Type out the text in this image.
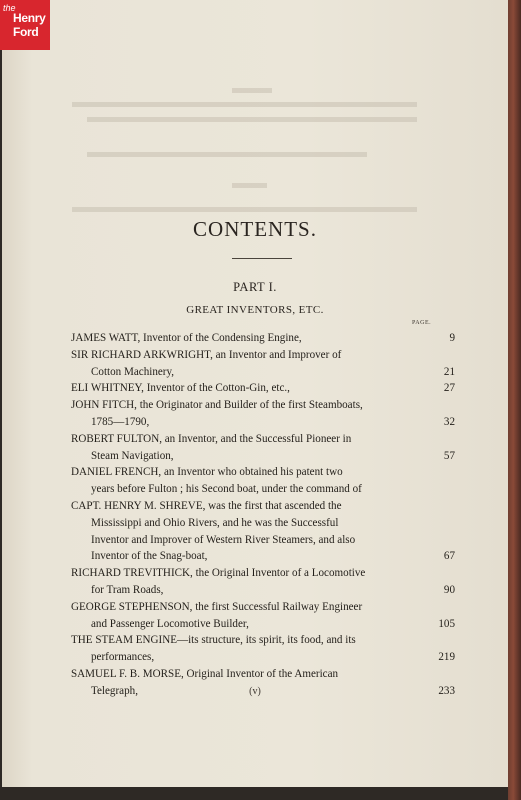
CONTENTS.
PART I.
GREAT INVENTORS, ETC.
PAGE.
JAMES WATT, Inventor of the Condensing Engine,	9
SIR RICHARD ARKWRIGHT, an Inventor and Improver of
Cotton Machinery,	21
ELI WHITNEY, Inventor of the Cotton-Gin, etc.,	27
JOHN FITCH, the Originator and Builder of the first Steamboats,
1785—1790,	32
ROBERT FULTON, an Inventor, and the Successful Pioneer in
Steam Navigation,	57
DANIEL FRENCH, an Inventor who obtained his patent two
years before Fulton ; his Second boat, under the command of
CAPT. HENRY M. SHREVE, was the first that ascended the
Mississippi and Ohio Rivers, and he was the Successful
Inventor and Improver of Western River Steamers, and also
Inventor of the Snag-boat,	67
RICHARD TREVITHICK, the Original Inventor of a Locomotive
for Tram Roads,	90
GEORGE STEPHENSON, the first Successful Railway Engineer
and Passenger Locomotive Builder,	105
THE STEAM ENGINE—its structure, its spirit, its food, and its
performances,	219
SAMUEL F. B. MORSE, Original Inventor of the American
Telegraph,	233
(v)
the
Henry
Ford
